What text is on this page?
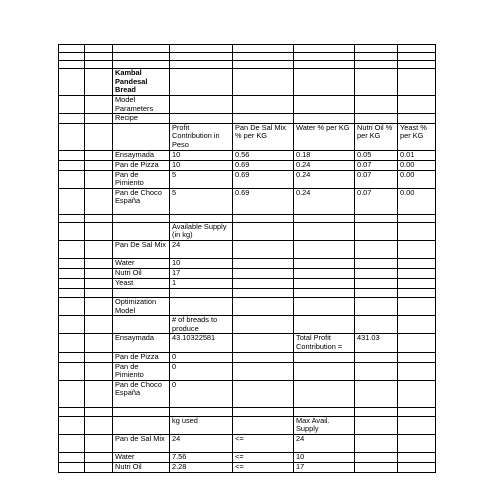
		Kambal Pandesal Bread					
		Model Parameters					
		Recipe					
			Profit Contribution in Peso	Pan De Sal Mix % per KG	Water % per KG	Nutri Oil % per KG	Yeast % per KG
		Ensaymada	10	0.56	0.18	0.05	0.01
		Pan de Pizza	10	0.69	0.24	0.07	0.00
		Pan de Pimiento	5	0.69	0.24	0.07	0.00
		Pan de Choco España	5	0.69	0.24	0.07	0.00

			Available Supply (in kg)				
		Pan De Sal Mix	24				
		Water	10				
		Nutri Oil	17				
		Yeast	1				

		Optimization Model					
			# of breads to produce				
		Ensaymada	43.10322581		Total Profit Contribution =	431.03	
		Pan de Pizza	0				
		Pan de Pimiento	0				
		Pan de Choco España	0				

			kg used		Max Avail. Supply		
		Pan de Sal Mix	24	<=	24		
		Water	7.56	<=	10		
		Nutri Oil	2.28	<=	17		
